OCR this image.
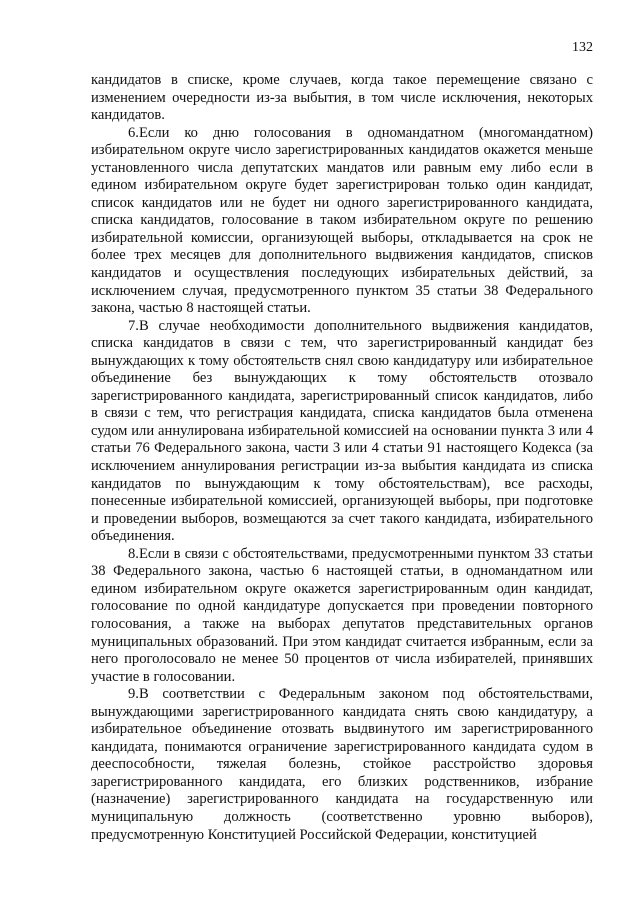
132

кандидатов в списке, кроме случаев, когда такое перемещение связано с изменением очередности из-за выбытия, в том числе исключения, некоторых кандидатов.

6.Если ко дню голосования в одномандатном (многомандатном) избирательном округе число зарегистрированных кандидатов окажется меньше установленного числа депутатских мандатов или равным ему либо если в едином избирательном округе будет зарегистрирован только один кандидат, список кандидатов или не будет ни одного зарегистрированного кандидата, списка кандидатов, голосование в таком избирательном округе по решению избирательной комиссии, организующей выборы, откладывается на срок не более трех месяцев для дополнительного выдвижения кандидатов, списков кандидатов и осуществления последующих избирательных действий, за исключением случая, предусмотренного пунктом 35 статьи 38 Федерального закона, частью 8 настоящей статьи.

7.В случае необходимости дополнительного выдвижения кандидатов, списка кандидатов в связи с тем, что зарегистрированный кандидат без вынуждающих к тому обстоятельств снял свою кандидатуру или избирательное объединение без вынуждающих к тому обстоятельств отозвало зарегистрированного кандидата, зарегистрированный список кандидатов, либо в связи с тем, что регистрация кандидата, списка кандидатов была отменена судом или аннулирована избирательной комиссией на основании пункта 3 или 4 статьи 76 Федерального закона, части 3 или 4 статьи 91 настоящего Кодекса (за исключением аннулирования регистрации из-за выбытия кандидата из списка кандидатов по вынуждающим к тому обстоятельствам), все расходы, понесенные избирательной комиссией, организующей выборы, при подготовке и проведении выборов, возмещаются за счет такого кандидата, избирательного объединения.

8.Если в связи с обстоятельствами, предусмотренными пунктом 33 статьи 38 Федерального закона, частью 6 настоящей статьи, в одномандатном или едином избирательном округе окажется зарегистрированным один кандидат, голосование по одной кандидатуре допускается при проведении повторного голосования, а также на выборах депутатов представительных органов муниципальных образований. При этом кандидат считается избранным, если за него проголосовало не менее 50 процентов от числа избирателей, принявших участие в голосовании.

9.В соответствии с Федеральным законом под обстоятельствами, вынуждающими зарегистрированного кандидата снять свою кандидатуру, а избирательное объединение отозвать выдвинутого им зарегистрированного кандидата, понимаются ограничение зарегистрированного кандидата судом в дееспособности, тяжелая болезнь, стойкое расстройство здоровья зарегистрированного кандидата, его близких родственников, избрание (назначение) зарегистрированного кандидата на государственную или муниципальную должность (соответственно уровню выборов), предусмотренную Конституцией Российской Федерации, конституцией
